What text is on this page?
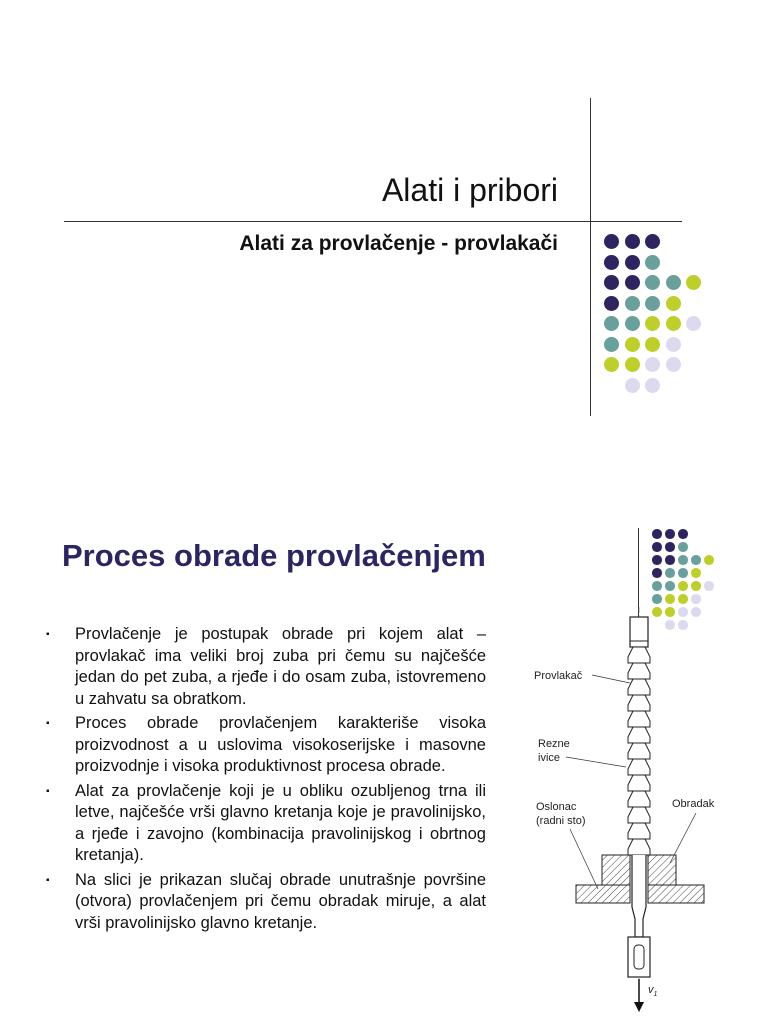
Alati i pribori
Alati za provlačenje - provlakači
Proces obrade provlačenjem
▪ Provlačenje je postupak obrade pri kojem alat – provlakač ima veliki broj zuba pri čemu su najčešće jedan do pet zuba, a rjeđe i do osam zuba, istovremeno u zahvatu sa obratkom.
▪ Proces obrade provlačenjem karakteriše visoka proizvodnost a u uslovima visokoserijske i masovne proizvodnje i visoka produktivnost procesa obrade.
▪ Alat za provlačenje koji je u obliku ozubljenog trna ili letve, najčešće vrši glavno kretanja koje je pravolinijsko, a rjeđe i zavojno (kombinacija pravolinijskog i obrtnog kretanja).
▪ Na slici je prikazan slučaj obrade unutrašnje površine (otvora) provlačenjem pri čemu obradak miruje, a alat vrši pravolinijsko glavno kretanje.
$v_1$
Provlakač
Rezne
ivice
Oslonac
(radni sto)
Obradak
